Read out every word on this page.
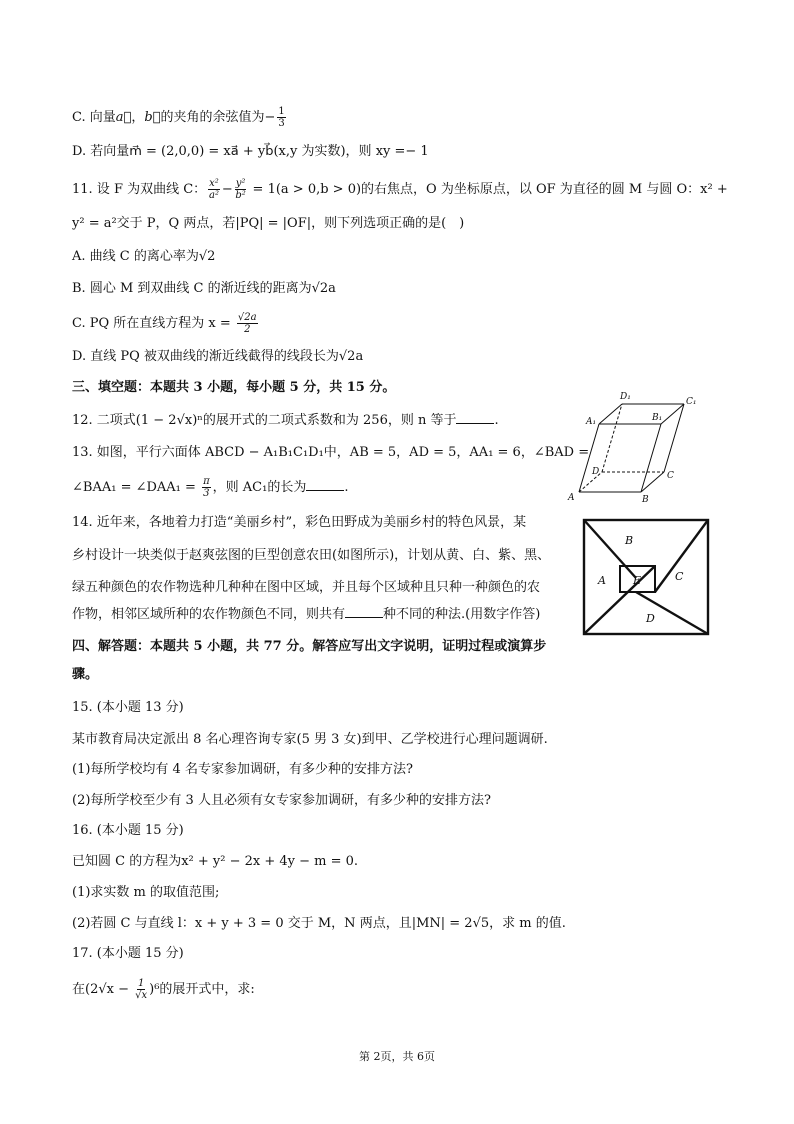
C. 向量a⃗，b⃗的夹角的余弦值为− $\frac{1}{3}$
D. 若向量m⃗ = (2,0,0) = xa⃗ + yb⃗(x,y 为实数)，则 xy =− 1
11. 设 F 为双曲线 C： $\frac{\text{x²}}{\text{a²}} - \frac{\text{y²}}{\text{b²}} = 1(a > 0,b > 0)$的右焦点，O 为坐标原点，以 OF 为直径的圆 M 与圆 O：x² +
y² = a²交于 P，Q 两点，若|PQ| = |OF|，则下列选项正确的是(　)
A. 曲线 C 的离心率为√2
B. 圆心 M 到双曲线 C 的渐近线的距离为√2a
C. PQ 所在直线方程为 $x = \frac{√2a}{2}$
D. 直线 PQ 被双曲线的渐近线截得的线段长为√2a
三、填空题：本题共 3 小题，每小题 5 分，共 15 分。
12. 二项式(1 − 2√x)ⁿ的展开式的二项式系数和为 256，则 n 等于	.
13. 如图，平行六面体 ABCD − A₁B₁C₁D₁中，AB = 5，AD = 5，AA₁ = 6，∠BAD =
∠BAA₁ = ∠DAA₁ = $\frac{\pi}{3}$ ，则 AC₁的长为	.
A	B
C
D
A₁	B₁
C₁
D₁
14. 近年来，各地着力打造“美丽乡村”，彩色田野成为美丽乡村的特色风景，某
乡村设计一块类似于赵爽弦图的巨型创意农田(如图所示)，计划从黄、白、紫、黑、
绿五种颜色的农作物选种几种种在图中区域，并且每个区域种且只种一种颜色的农
作物，相邻区域所种的农作物颜色不同，则共有	种不同的种法.(用数字作答)
B
A E	C
D
四、解答题：本题共 5 小题，共 77 分。解答应写出文字说明，证明过程或演算步
骤。
15. (本小题 13 分)
某市教育局决定派出 8 名心理咨询专家(5 男 3 女)到甲、乙学校进行心理问题调研.
(1)每所学校均有 4 名专家参加调研，有多少种的安排方法?
(2)每所学校至少有 3 人且必须有女专家参加调研，有多少种的安排方法?
16. (本小题 15 分)
已知圆 C 的方程为x² + y² − 2x + 4y − m = 0.
(1)求实数 m 的取值范围;
(2)若圆 C 与直线 l：x + y + 3 = 0 交于 M，N 两点，且|MN| = 2√5，求 m 的值.
17. (本小题 15 分)
在$(2√x - \frac{1}{√x} )^6$的展开式中，求:
第 2页，共 6页
